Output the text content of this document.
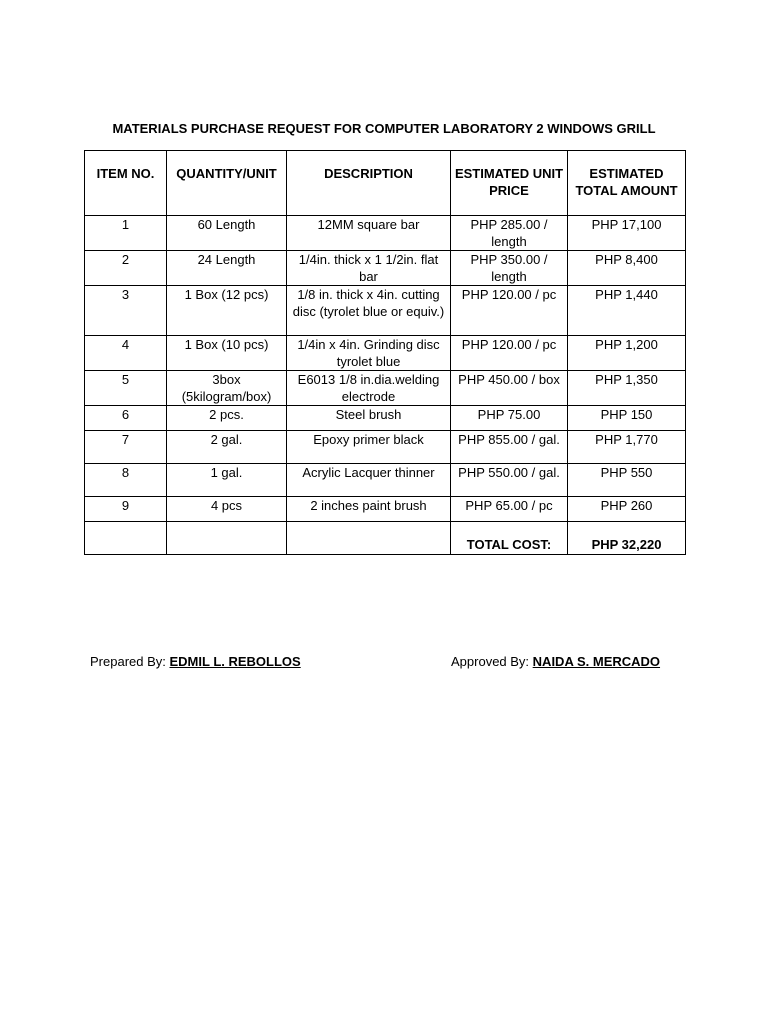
MATERIALS PURCHASE REQUEST FOR COMPUTER LABORATORY 2 WINDOWS GRILL
ITEM NO.	QUANTITY/UNIT	DESCRIPTION	ESTIMATED UNIT PRICE	ESTIMATED TOTAL AMOUNT
1	60 Length	12MM square bar	PHP 285.00 / length	PHP 17,100
2	24 Length	1/4in. thick x 1 1/2in. flat bar	PHP 350.00 / length	PHP 8,400
3	1 Box (12 pcs)	1/8 in. thick x 4in. cutting disc (tyrolet blue or equiv.)	PHP 120.00 / pc	PHP 1,440
4	1 Box (10 pcs)	1/4in x 4in. Grinding disc tyrolet blue	PHP 120.00 / pc	PHP 1,200
5	3box (5kilogram/box)	E6013 1/8 in.dia.welding electrode	PHP 450.00 / box	PHP 1,350
6	2 pcs.	Steel brush	PHP 75.00	PHP 150
7	2 gal.	Epoxy primer black	PHP 855.00 / gal.	PHP 1,770
8	1 gal.	Acrylic Lacquer thinner	PHP 550.00 / gal.	PHP 550
9	4 pcs	2 inches paint brush	PHP 65.00 / pc	PHP 260
			TOTAL COST:	PHP 32,220
Prepared By: EDMIL L. REBOLLOS	Approved By: NAIDA S. MERCADO
